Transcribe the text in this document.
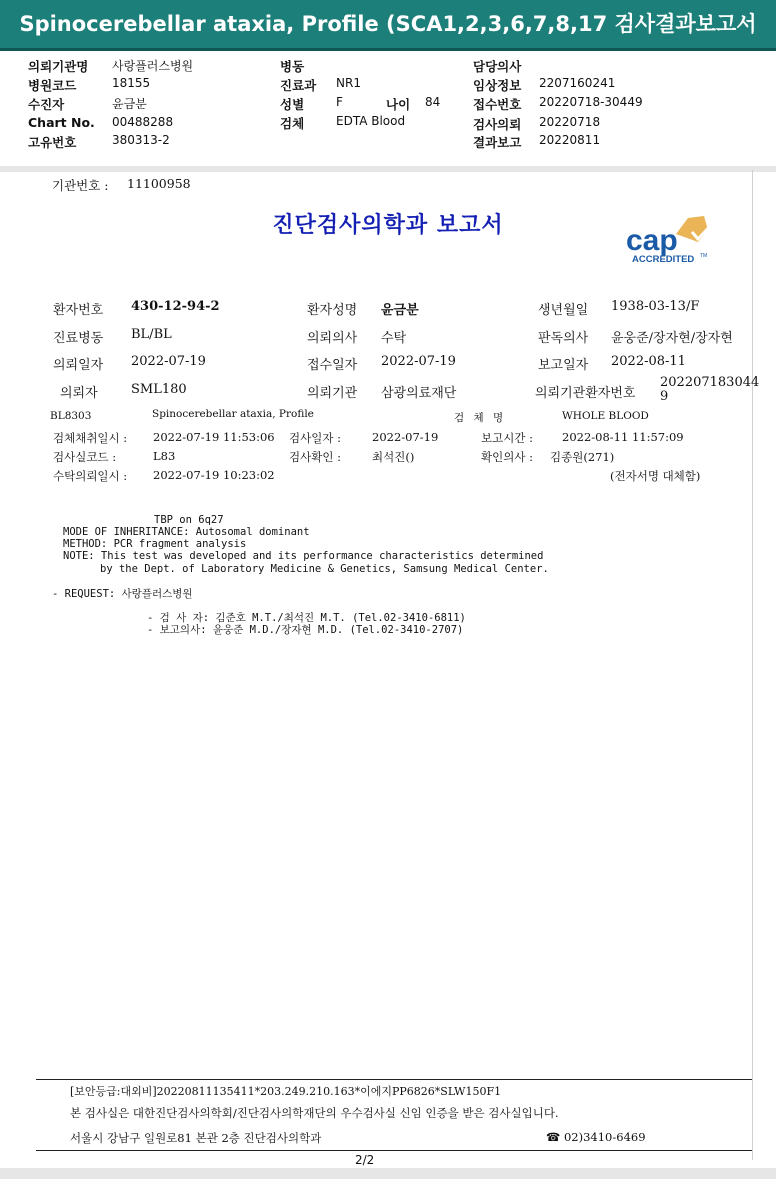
Spinocerebellar ataxia, Profile (SCA1,2,3,6,7,8,17 검사결과보고서
의뢰기관명 사랑플러스병원
병원코드	18155
수진자	윤금분
Chart No. 00488288
고유번호	380313-2
병동
진료과 NR1
성별	F	나이 84
검체	EDTA Blood
담당의사
임상정보 2207160241
접수번호 20220718-30449
검사의뢰 20220718
결과보고 20220811
기관번호 : 11100958
진단검사의학과 보고서	cap
ACCREDITED TM
환자번호 430-12-94-2	환자성명 윤금분	생년월일 1938-03-13/F
진료병동 BL/BL	의뢰의사 수탁	판독의사 윤웅준/장자현/장자현
의뢰일자 2022-07-19	접수일자 2022-07-19	보고일자 2022-08-11
의뢰자	SML180	의뢰기관 삼광의료재단	의뢰기관환자번호
202207183044
9
BL8303	Spinocerebellar ataxia, Profile	검 체 명	WHOLE BLOOD
검체채취일시 : 2022-07-19 11:53:06 검사일자 :	2022-07-19	보고시간 :	2022-08-11 11:57:09
검사실코드 :	L83	검사확인 :	최석진()	확인의사 : 김종원(271)
수탁의뢰일시 : 2022-07-19 10:23:02	(전자서명 대체함)
TBP on 6q27
MODE OF INHERITANCE: Autosomal dominant
METHOD: PCR fragment analysis
NOTE: This test was developed and its performance characteristics determined
by the Dept. of Laboratory Medicine & Genetics, Samsung Medical Center.
- REQUEST: 사랑플러스병원
- 검 사 자: 김준호 M.T./최석진 M.T. (Tel.02-3410-6811)
- 보고의사: 윤웅준 M.D./장자현 M.D. (Tel.02-3410-2707)
[보안등급:대외비]20220811135411*203.249.210.163*이에지PP6826*SLW150F1
본 검사실은 대한진단검사의학회/진단검사의학재단의 우수검사실 신임 인증을 받은 검사실입니다.
서울시 강남구 일원로81 본관 2층 진단검사의학과	☎ 02)3410-6469
2/2
